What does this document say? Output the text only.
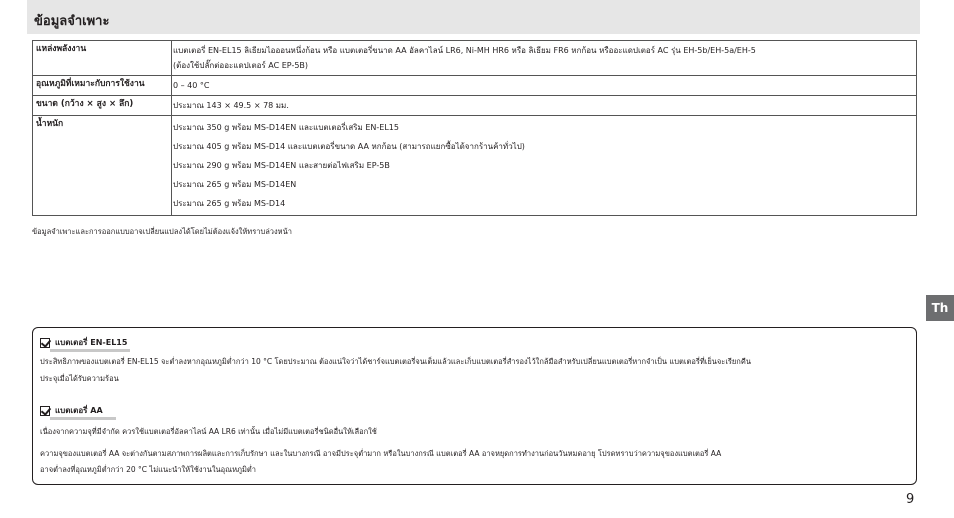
ข้อมูลจำเพาะ
แหล่งพลังงาน	แบตเตอรี่ EN-EL15 ลิเธียมไอออนหนึ่งก้อน หรือ แบตเตอรี่ขนาด AA อัลคาไลน์ LR6, Ni-MH HR6 หรือ ลิเธียม FR6 หกก้อน หรืออะแดปเตอร์ AC รุ่น EH-5b/EH-5a/EH-5
(ต้องใช้ปลั๊กต่ออะแดปเตอร์ AC EP-5B)

อุณหภูมิที่เหมาะกับการใช้งาน	0 – 40 °C

ขนาด (กว้าง × สูง × ลึก)	ประมาณ 143 × 49.5 × 78 มม.

น้ำหนัก	ประมาณ 350 g พร้อม MS-D14EN และแบตเตอรี่เสริม EN-EL15
ประมาณ 405 g พร้อม MS-D14 และแบตเตอรี่ขนาด AA หกก้อน (สามารถแยกซื้อได้จากร้านค้าทั่วไป)
ประมาณ 290 g พร้อม MS-D14EN และสายต่อไฟเสริม EP-5B
ประมาณ 265 g พร้อม MS-D14EN
ประมาณ 265 g พร้อม MS-D14
ข้อมูลจำเพาะและการออกแบบอาจเปลี่ยนแปลงได้โดยไม่ต้องแจ้งให้ทราบล่วงหน้า
Th
แบตเตอรี่ EN-EL15
ประสิทธิภาพของแบตเตอรี่ EN-EL15 จะต่ำลงหากอุณหภูมิต่ำกว่า 10 °C โดยประมาณ ต้องแน่ใจว่าได้ชาร์จแบตเตอรี่จนเต็มแล้วและเก็บแบตเตอรี่สำรองไว้ใกล้มือสำหรับเปลี่ยนแบตเตอรี่หากจำเป็น แบตเตอรี่ที่เย็นจะเรียกคืน
ประจุเมื่อได้รับความร้อน
แบตเตอรี่ AA
เนื่องจากความจุที่มีจำกัด ควรใช้แบตเตอรี่อัลคาไลน์ AA LR6 เท่านั้น เมื่อไม่มีแบตเตอรี่ชนิดอื่นให้เลือกใช้
ความจุของแบตเตอรี่ AA จะต่างกันตามสภาพการผลิตและการเก็บรักษา และในบางกรณี อาจมีประจุต่ำมาก หรือในบางกรณี แบตเตอรี่ AA อาจหยุดการทำงานก่อนวันหมดอายุ โปรดทราบว่าความจุของแบตเตอรี่ AA
อาจต่ำลงที่อุณหภูมิต่ำกว่า 20 °C ไม่แนะนำให้ใช้งานในอุณหภูมิต่ำ
9
